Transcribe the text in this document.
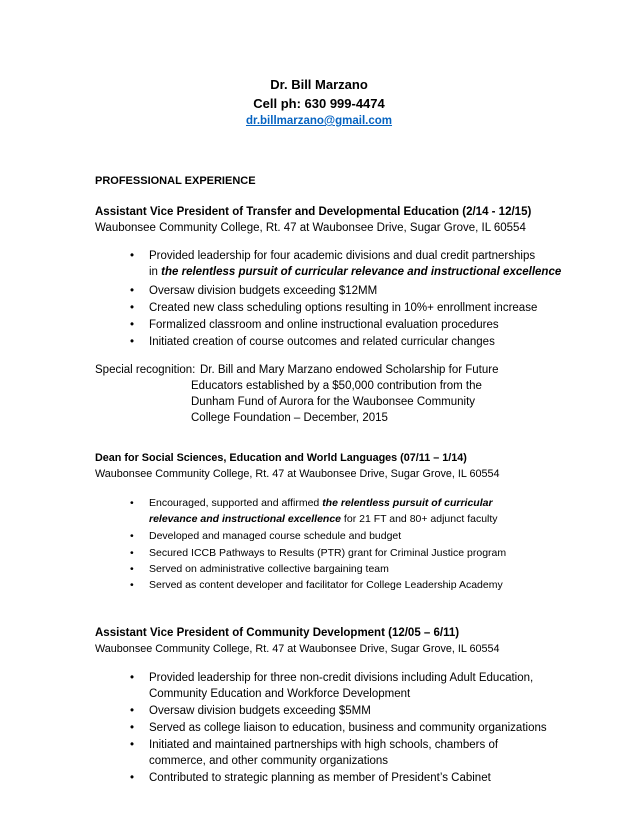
Dr. Bill Marzano
Cell ph: 630 999-4474
dr.billmarzano@gmail.com
PROFESSIONAL EXPERIENCE
Assistant Vice President of Transfer and Developmental Education (2/14 - 12/15)
Waubonsee Community College, Rt. 47 at Waubonsee Drive, Sugar Grove, IL 60554
• Provided leadership for four academic divisions and dual credit partnerships
in the relentless pursuit of curricular relevance and instructional excellence
• Oversaw division budgets exceeding $12MM
• Created new class scheduling options resulting in 10%+ enrollment increase
• Formalized classroom and online instructional evaluation procedures
• Initiated creation of course outcomes and related curricular changes
Special recognition: Dr. Bill and Mary Marzano endowed Scholarship for Future
Educators established by a $50,000 contribution from the
Dunham Fund of Aurora for the Waubonsee Community
College Foundation – December, 2015
Dean for Social Sciences, Education and World Languages (07/11 – 1/14)
Waubonsee Community College, Rt. 47 at Waubonsee Drive, Sugar Grove, IL 60554
• Encouraged, supported and affirmed the relentless pursuit of curricular
relevance and instructional excellence for 21 FT and 80+ adjunct faculty
• Developed and managed course schedule and budget
• Secured ICCB Pathways to Results (PTR) grant for Criminal Justice program
• Served on administrative collective bargaining team
• Served as content developer and facilitator for College Leadership Academy
Assistant Vice President of Community Development (12/05 – 6/11)
Waubonsee Community College, Rt. 47 at Waubonsee Drive, Sugar Grove, IL 60554
• Provided leadership for three non-credit divisions including Adult Education,
Community Education and Workforce Development
• Oversaw division budgets exceeding $5MM
• Served as college liaison to education, business and community organizations
• Initiated and maintained partnerships with high schools, chambers of
commerce, and other community organizations
• Contributed to strategic planning as member of President’s Cabinet
